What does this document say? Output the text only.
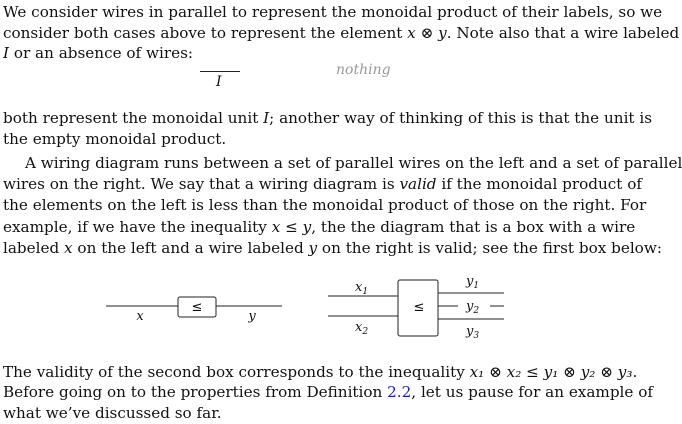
We consider wires in parallel to represent the monoidal product of their labels, so we
consider both cases above to represent the element x ⊗ y. Note also that a wire labeled
I or an absence of wires:
I
nothing
both represent the monoidal unit I; another way of thinking of this is that the unit is
the empty monoidal product.
A wiring diagram runs between a set of parallel wires on the left and a set of parallel
wires on the right. We say that a wiring diagram is valid if the monoidal product of
the elements on the left is less than the monoidal product of those on the right. For
example, if we have the inequality x ≤ y, the the diagram that is a box with a wire
labeled x on the left and a wire labeled y on the right is valid; see the first box below:
≤
x	y
≤
$x_1$
$x_2$
$y_1$
$y_2$
$y_3$
The validity of the second box corresponds to the inequality x₁ ⊗ x₂ ≤ y₁ ⊗ y₂ ⊗ y₃.
Before going on to the properties from Definition 2.2, let us pause for an example of
what we’ve discussed so far.
